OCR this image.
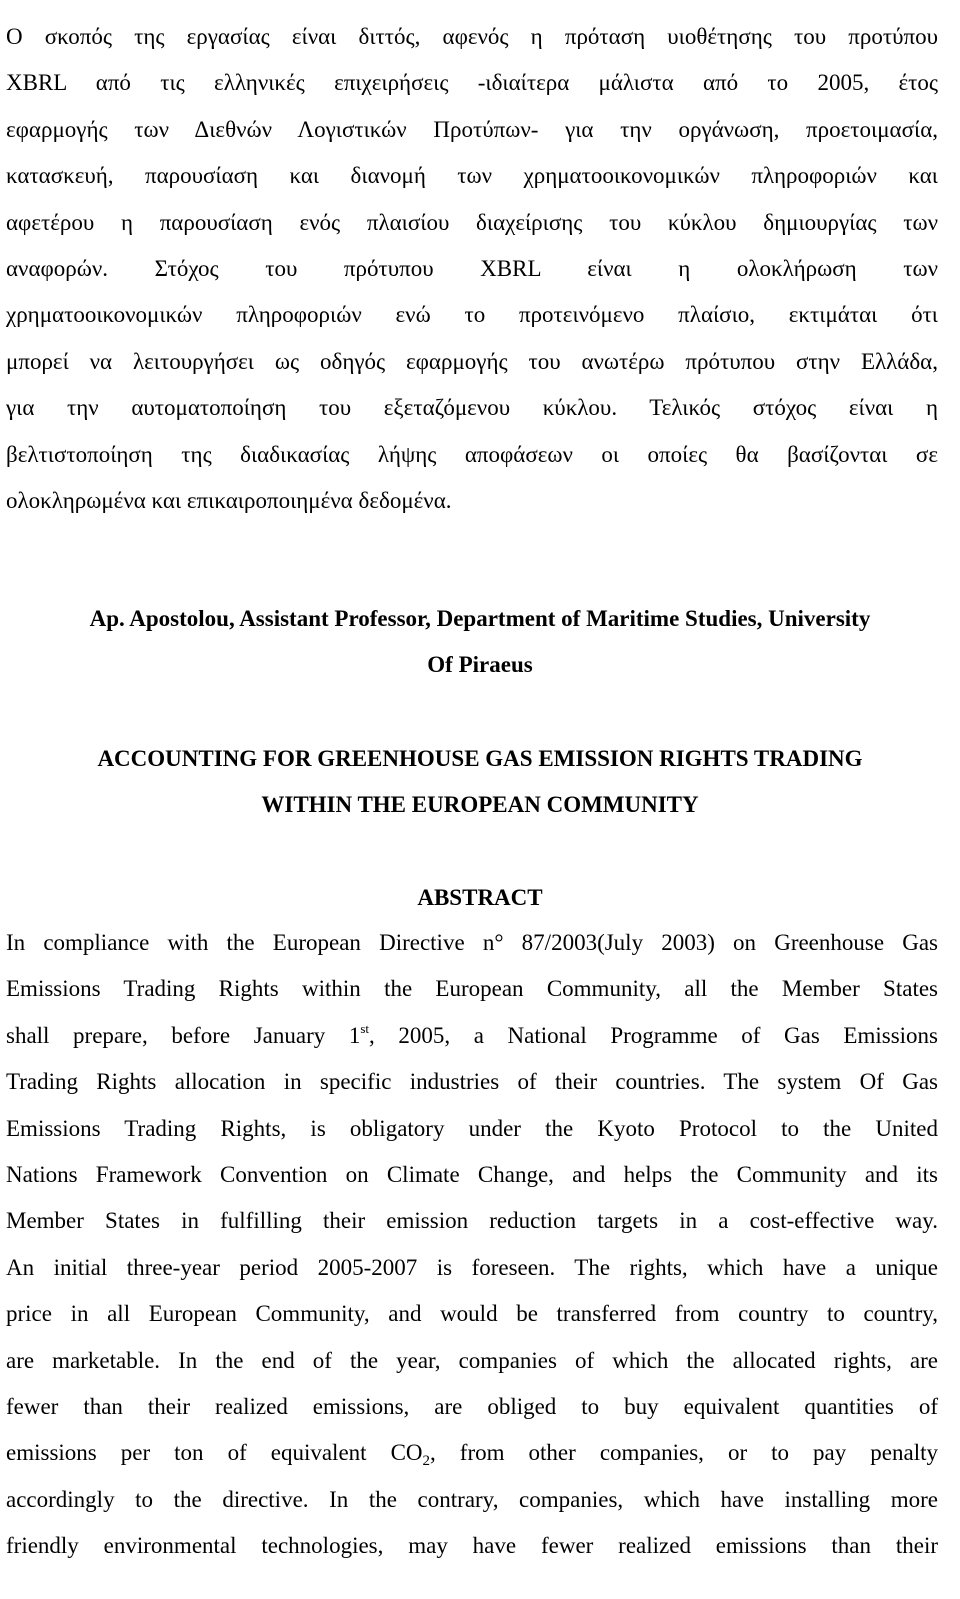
Ο σκοπός της εργασίας είναι διττός, αφενός η πρόταση υιοθέτησης του προτύπου
XBRL από τις ελληνικές επιχειρήσεις -ιδιαίτερα μάλιστα από το 2005, έτος
εφαρμογής των Διεθνών Λογιστικών Προτύπων- για την οργάνωση, προετοιμασία,
κατασκευή, παρουσίαση και διανομή των χρηματοοικονομικών πληροφοριών και
αφετέρου η παρουσίαση ενός πλαισίου διαχείρισης του κύκλου δημιουργίας των
αναφορών. Στόχος του πρότυπου XBRL είναι η ολοκλήρωση των
χρηματοοικονομικών πληροφοριών ενώ το προτεινόμενο πλαίσιο, εκτιμάται ότι
μπορεί να λειτουργήσει ως οδηγός εφαρμογής του ανωτέρω πρότυπου στην Ελλάδα,
για την αυτοματοποίηση του εξεταζόμενου κύκλου. Τελικός στόχος είναι η
βελτιστοποίηση της διαδικασίας λήψης αποφάσεων οι οποίες θα βασίζονται σε
ολοκληρωμένα και επικαιροποιημένα δεδομένα.

Ap. Apostolou, Assistant Professor, Department of Maritime Studies, University
Of Piraeus
ACCOUNTING FOR GREENHOUSE GAS EMISSION RIGHTS TRADING
WITHIN THE EUROPEAN COMMUNITY
ABSTRACT

In compliance with the European Directive n° 87/2003(July 2003) on Greenhouse Gas
Emissions Trading Rights within the European Community, all the Member States
shall prepare, before January 1st, 2005, a National Programme of Gas Emissions
Trading Rights allocation in specific industries of their countries. The system Of Gas
Emissions Trading Rights, is obligatory under the Kyoto Protocol to the United
Nations Framework Convention on Climate Change, and helps the Community and its
Member States in fulfilling their emission reduction targets in a cost-effective way.
An initial three-year period 2005-2007 is foreseen. The rights, which have a unique
price in all European Community, and would be transferred from country to country,
are marketable. In the end of the year, companies of which the allocated rights, are
fewer than their realized emissions, are obliged to buy equivalent quantities of
emissions per ton of equivalent $CO_2$, from other companies, or to pay penalty
accordingly to the directive. In the contrary, companies, which have installing more
friendly environmental technologies, may have fewer realized emissions than their
